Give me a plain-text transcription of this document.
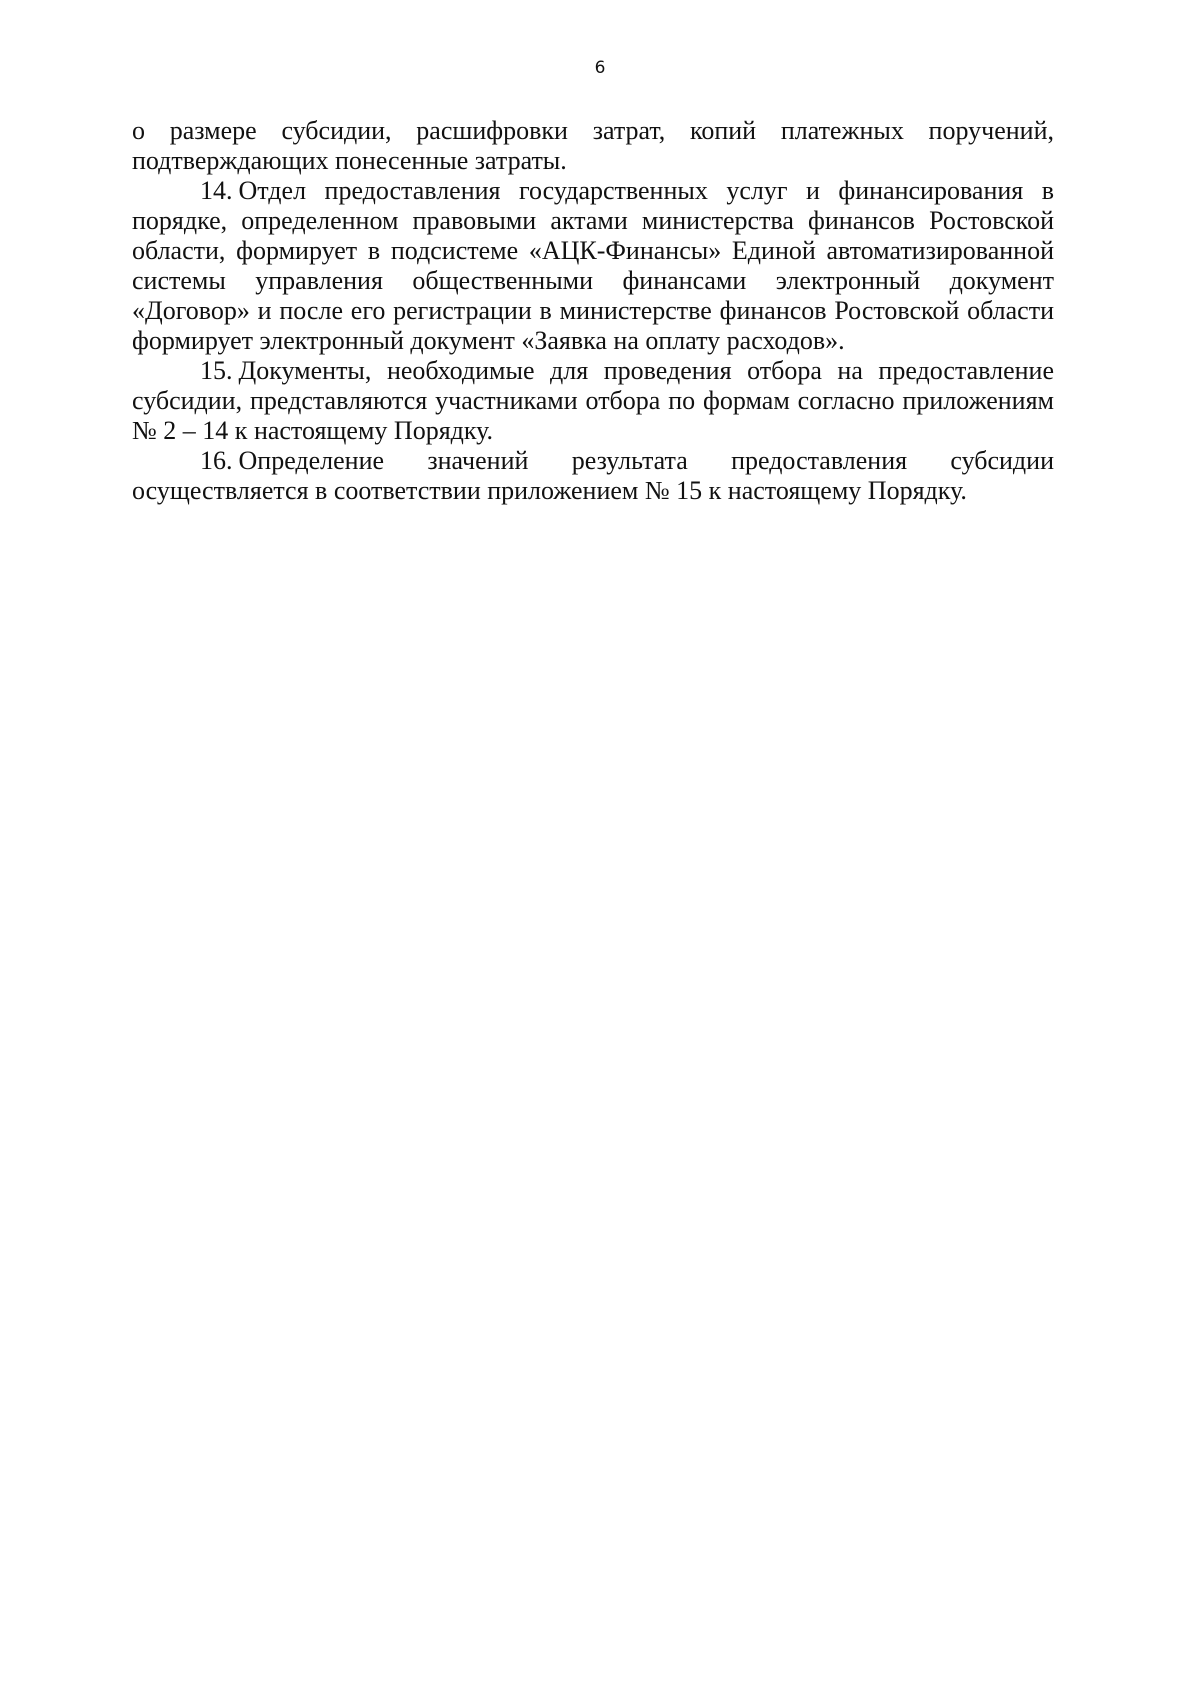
6

о размере субсидии, расшифровки затрат, копий платежных поручений, подтверждающих понесенные затраты.

14. Отдел предоставления государственных услуг и финансирования в порядке, определенном правовыми актами министерства финансов Ростовской области, формирует в подсистеме «АЦК-Финансы» Единой автоматизированной системы управления общественными финансами электронный документ «Договор» и после его регистрации в министерстве финансов Ростовской области формирует электронный документ «Заявка на оплату расходов».

15. Документы, необходимые для проведения отбора на предоставление субсидии, представляются участниками отбора по формам согласно приложениям № 2 – 14 к настоящему Порядку.

16. Определение значений результата предоставления субсидии осуществляется в соответствии приложением № 15 к настоящему Порядку.
